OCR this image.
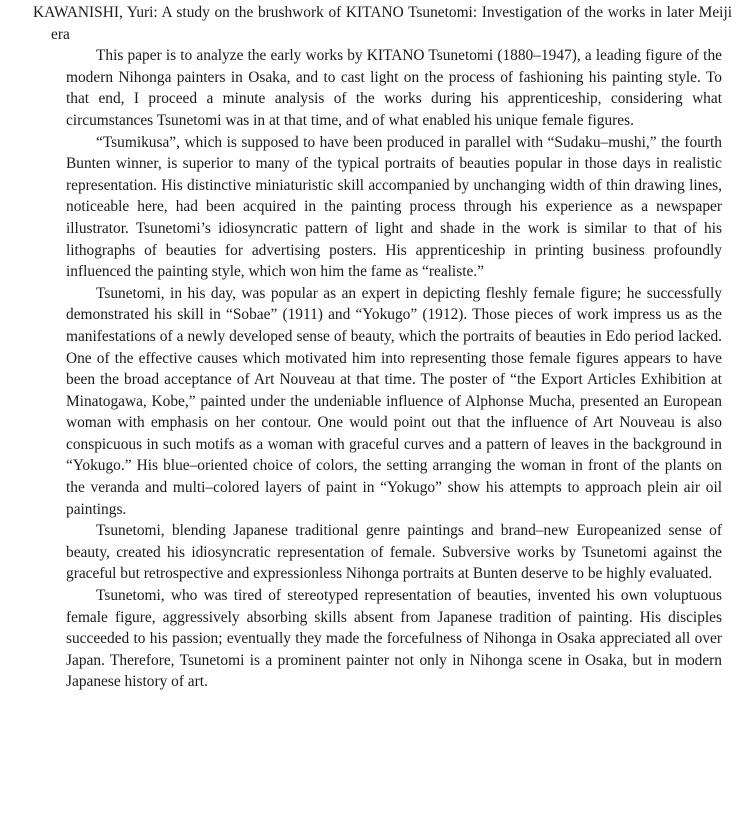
KAWANISHI, Yuri: A study on the brushwork of KITANO Tsunetomi: Investigation of the works in later Meiji era

This paper is to analyze the early works by KITANO Tsunetomi (1880–1947), a leading figure of the modern Nihonga painters in Osaka, and to cast light on the process of fashioning his painting style. To that end, I proceed a minute analysis of the works during his apprenticeship, considering what circumstances Tsunetomi was in at that time, and of what enabled his unique female figures.

“Tsumikusa”, which is supposed to have been produced in parallel with “Sudaku–mushi,” the fourth Bunten winner, is superior to many of the typical portraits of beauties popular in those days in realistic representation. His distinctive miniaturistic skill accompanied by unchanging width of thin drawing lines, noticeable here, had been acquired in the painting process through his experience as a newspaper illustrator. Tsunetomi’s idiosyncratic pattern of light and shade in the work is similar to that of his lithographs of beauties for advertising posters. His apprenticeship in printing business profoundly influenced the painting style, which won him the fame as “realiste.”

Tsunetomi, in his day, was popular as an expert in depicting fleshly female figure; he successfully demonstrated his skill in “Sobae” (1911) and “Yokugo” (1912). Those pieces of work impress us as the manifestations of a newly developed sense of beauty, which the portraits of beauties in Edo period lacked. One of the effective causes which motivated him into representing those female figures appears to have been the broad acceptance of Art Nouveau at that time. The poster of “the Export Articles Exhibition at Minatogawa, Kobe,” painted under the undeniable influence of Alphonse Mucha, presented an European woman with emphasis on her contour. One would point out that the influence of Art Nouveau is also conspicuous in such motifs as a woman with graceful curves and a pattern of leaves in the background in “Yokugo.” His blue–oriented choice of colors, the setting arranging the woman in front of the plants on the veranda and multi–colored layers of paint in “Yokugo” show his attempts to approach plein air oil paintings.

Tsunetomi, blending Japanese traditional genre paintings and brand–new Europeanized sense of beauty, created his idiosyncratic representation of female. Subversive works by Tsunetomi against the graceful but retrospective and expressionless Nihonga portraits at Bunten deserve to be highly evaluated.

Tsunetomi, who was tired of stereotyped representation of beauties, invented his own voluptuous female figure, aggressively absorbing skills absent from Japanese tradition of painting. His disciples succeeded to his passion; eventually they made the forcefulness of Nihonga in Osaka appreciated all over Japan. Therefore, Tsunetomi is a prominent painter not only in Nihonga scene in Osaka, but in modern Japanese history of art.
